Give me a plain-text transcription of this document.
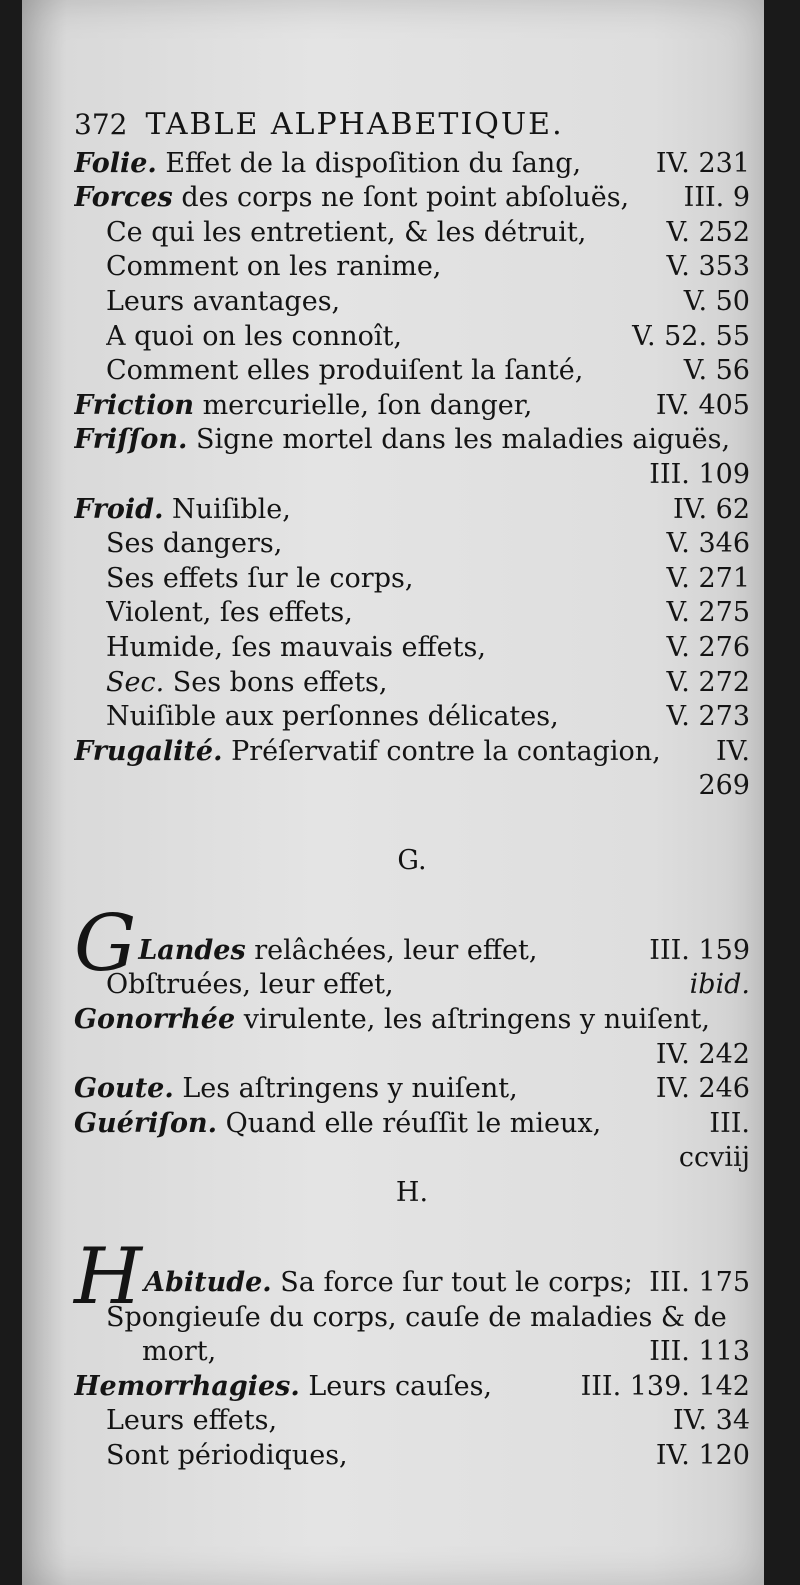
372 TABLE ALPHABETIQUE.
Folie. Effet de la dispoſition du ſang,	IV. 231
Forces des corps ne ſont point abſoluës,	III. 9
Ce qui les entretient, & les détruit,	V. 252
Comment on les ranime,	V. 353
Leurs avantages,	V. 50
A quoi on les connoît,	V. 52. 55
Comment elles produiſent la ſanté,	V. 56
Friction mercurielle, ſon danger,	IV. 405
Friſſon. Signe mortel dans les maladies aiguës,
III. 109
Froid. Nuiſible,	IV. 62
Ses dangers,	V. 346
Ses effets ſur le corps,	V. 271
Violent, ſes effets,	V. 275
Humide, ſes mauvais effets,	V. 276
Sec. Ses bons effets,	V. 272
Nuiſible aux perſonnes délicates,	V. 273
Frugalité. Préſervatif contre la contagion,	IV.
269
G.
G Landes relâchées, leur effet,	III. 159
Obſtruées, leur effet,	ibid.
Gonorrhée virulente, les aſtringens y nuiſent,
IV. 242
Goute. Les aſtringens y nuiſent,	IV. 246
Guériſon. Quand elle réuſſit le mieux,	III.
ccviij
H.
H Abitude. Sa force ſur tout le corps; III. 175
Spongieuſe du corps, cauſe de maladies & de
mort,	III. 113
Hemorrhagies. Leurs cauſes,	III. 139. 142
Leurs effets,	IV. 34
Sont périodiques,	IV. 120
